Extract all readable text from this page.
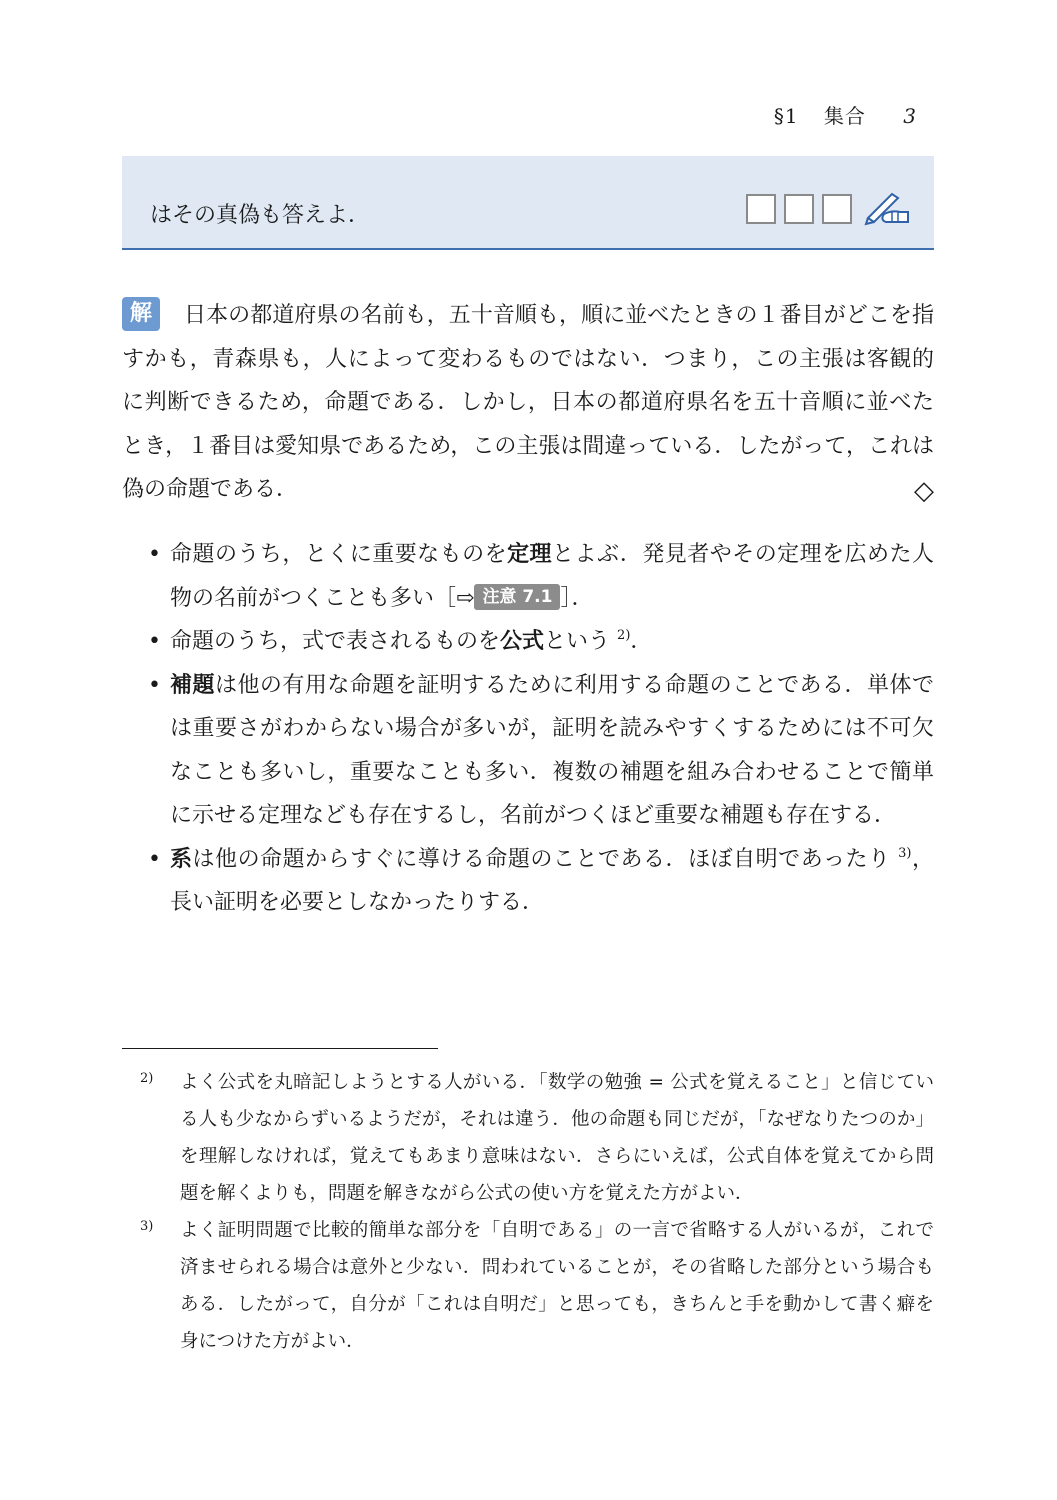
§1 集合 3
はその真偽も答えよ．
解 日本の都道府県の名前も，五十音順も，順に並べたときの１番目がどこを指すかも，青森県も，人によって変わるものではない．つまり，この主張は客観的に判断できるため，命題である．しかし，日本の都道府県名を五十音順に並べたとき，１番目は愛知県であるため，この主張は間違っている．したがって，これは偽の命題である．	◇
• 命題のうち，とくに重要なものを定理とよぶ．発見者やその定理を広めた人物の名前がつくことも多い［⇨ 注意 7.1 ］．
• 命題のうち，式で表されるものを公式という $^{2)}$．
• 補題は他の有用な命題を証明するために利用する命題のことである．単体では重要さがわからない場合が多いが，証明を読みやすくするためには不可欠なことも多いし，重要なことも多い．複数の補題を組み合わせることで簡単に示せる定理なども存在するし，名前がつくほど重要な補題も存在する．
• 系は他の命題からすぐに導ける命題のことである．ほぼ自明であったり $^{3)}$，長い証明を必要としなかったりする．
2) よく公式を丸暗記しようとする人がいる．「数学の勉強 = 公式を覚えること」と信じている人も少なからずいるようだが，それは違う．他の命題も同じだが，「なぜなりたつのか」を理解しなければ，覚えてもあまり意味はない．さらにいえば，公式自体を覚えてから問題を解くよりも，問題を解きながら公式の使い方を覚えた方がよい．
3) よく証明問題で比較的簡単な部分を「自明である」の一言で省略する人がいるが，これで済ませられる場合は意外と少ない．問われていることが，その省略した部分という場合もある．したがって，自分が「これは自明だ」と思っても，きちんと手を動かして書く癖を身につけた方がよい．
